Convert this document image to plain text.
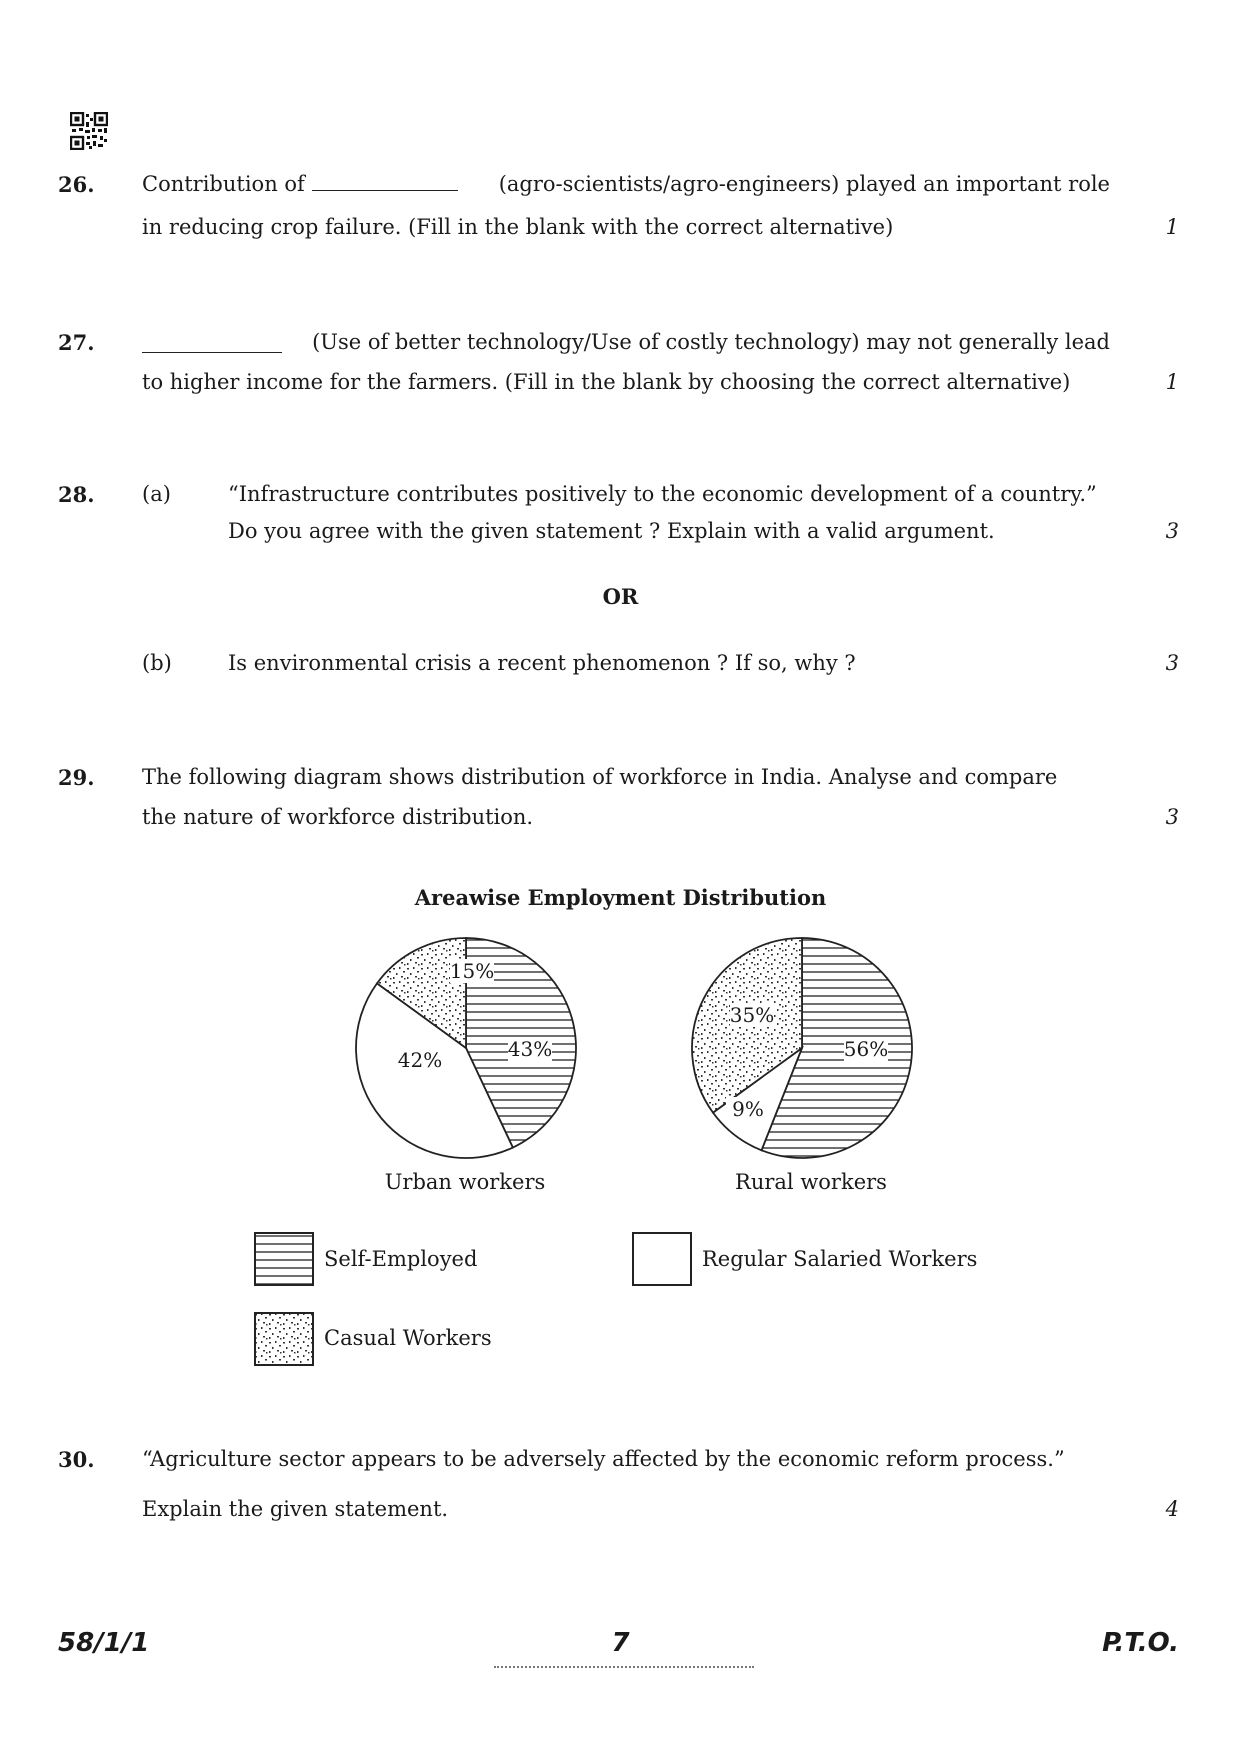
26. Contribution of	(agro-scientists/agro-engineers) played an important role
in reducing crop failure. (Fill in the blank with the correct alternative)	1
27.	(Use of better technology/Use of costly technology) may not generally lead
to higher income for the farmers. (Fill in the blank by choosing the correct alternative)	1
28. (a)	“Infrastructure contributes positively to the economic development of a country.”
Do you agree with the given statement ? Explain with a valid argument.	3
OR
(b)	Is environmental crisis a recent phenomenon ? If so, why ?	3
29. The following diagram shows distribution of workforce in India. Analyse and compare
the nature of workforce distribution.	3
Areawise Employment Distribution
43%
42%
15%
56%
9%
35%
Urban workers	Rural workers
Self-Employed	Regular Salaried Workers
Casual Workers
30. “Agriculture sector appears to be adversely affected by the economic reform process.”
Explain the given statement.	4
58/1/1	7	P.T.O.
